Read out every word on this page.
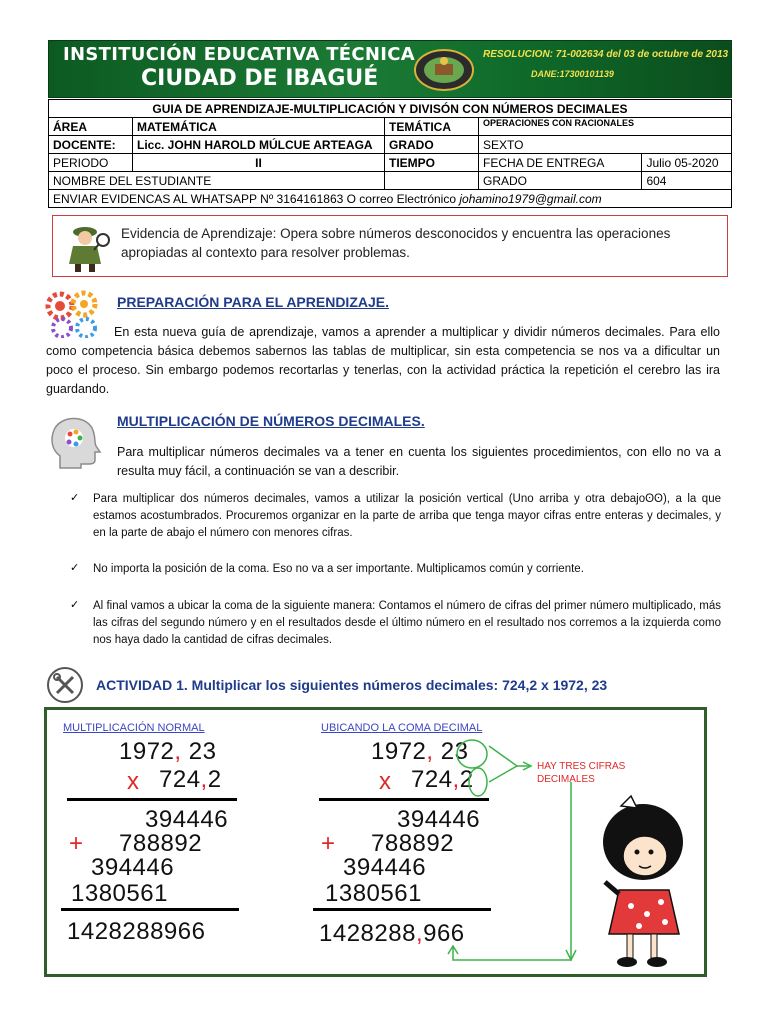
INSTITUCIÓN EDUCATIVA TÉCNICA
CIUDAD DE IBAGUÉ
RESOLUCION: 71-002634 del 03 de octubre de 2013
DANE:17300101139
GUIA DE APRENDIZAJE-MULTIPLICACIÓN Y DIVISÓN CON NÚMEROS DECIMALES				
ÁREA	MATEMÁTICA	TEMÁTICA	OPERACIONES CON RACIONALES	
DOCENTE:	Licc. JOHN HAROLD MÚLCUE ARTEAGA	GRADO	SEXTO	
PERIODO	II	TIEMPO	FECHA DE ENTREGA	Julio 05-2020
NOMBRE DEL ESTUDIANTE			GRADO	604
ENVIAR EVIDENCAS AL WHATSAPP Nº 3164161863 O correo Electrónico johamino1979@gmail.com				
Evidencia de Aprendizaje: Opera sobre números desconocidos y encuentra las operaciones apropiadas al contexto para resolver problemas.
PREPARACIÓN PARA EL APRENDIZAJE.
En esta nueva guía de aprendizaje, vamos a aprender a multiplicar y dividir números decimales. Para ello como competencia básica debemos sabernos las tablas de multiplicar, sin esta competencia se nos va a dificultar un poco el proceso. Sin embargo podemos recortarlas y tenerlas, con la actividad práctica la repetición el cerebro las ira guardando.
MULTIPLICACIÓN DE NÚMEROS DECIMALES.
Para multiplicar números decimales va a tener en cuenta los siguientes procedimientos, con ello no va a resulta muy fácil, a continuación se van a describir.
✓ Para multiplicar dos números decimales, vamos a utilizar la posición vertical (Uno arriba y otra debajoʘʘ), a la que estamos acostumbrados. Procuremos organizar en la parte de arriba que tenga mayor cifras entre enteras y decimales, y en la parte de abajo el número con menores cifras.
✓ No importa la posición de la coma. Eso no va a ser importante. Multiplicamos común y corriente.
✓ Al final vamos a ubicar la coma de la siguiente manera: Contamos el número de cifras del primer número multiplicado, más las cifras del segundo número y en el resultados desde el último número en el resultado nos corremos a la izquierda como nos haya dado la cantidad de cifras decimales.
ACTIVIDAD 1. Multiplicar los siguientes números decimales: 724,2 x 1972, 23
MULTIPLICACIÓN NORMAL
1972, 23
x 724,2
394446
+ 788892
394446
1380561
1428288966
UBICANDO LA COMA DECIMAL
1972, 23
x 724,2
394446
+ 788892
394446
1380561
1428288,966
HAY TRES CIFRAS DECIMALES
